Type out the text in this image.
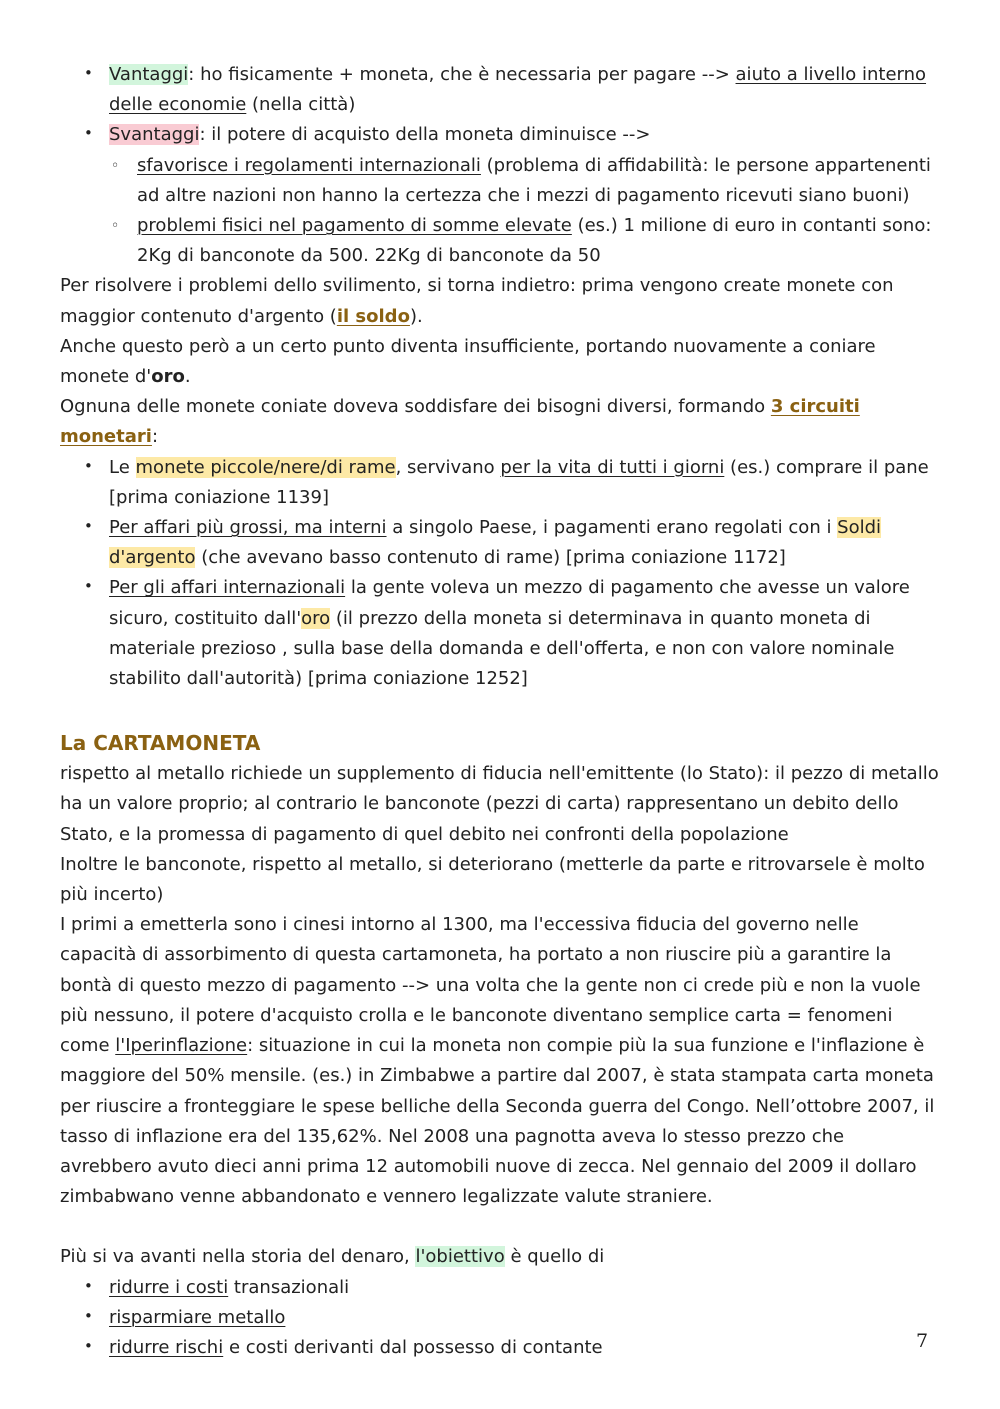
• Vantaggi: ho fisicamente + moneta, che è necessaria per pagare --> aiuto a livello interno delle economie (nella città)
• Svantaggi: il potere di acquisto della moneta diminuisce -->
◦ sfavorisce i regolamenti internazionali (problema di affidabilità: le persone appartenenti ad altre nazioni non hanno la certezza che i mezzi di pagamento ricevuti siano buoni)
◦ problemi fisici nel pagamento di somme elevate (es.) 1 milione di euro in contanti sono: 2Kg di banconote da 500. 22Kg di banconote da 50

Per risolvere i problemi dello svilimento, si torna indietro: prima vengono create monete con maggior contenuto d'argento (il soldo).

Anche questo però a un certo punto diventa insufficiente, portando nuovamente a coniare monete d'oro.

Ognuna delle monete coniate doveva soddisfare dei bisogni diversi, formando 3 circuiti monetari:

• Le monete piccole/nere/di rame, servivano per la vita di tutti i giorni (es.) comprare il pane [prima coniazione 1139]
• Per affari più grossi, ma interni a singolo Paese, i pagamenti erano regolati con i Soldi d'argento (che avevano basso contenuto di rame) [prima coniazione 1172]
• Per gli affari internazionali la gente voleva un mezzo di pagamento che avesse un valore sicuro, costituito dall'oro (il prezzo della moneta si determinava in quanto moneta di materiale prezioso , sulla base della domanda e dell'offerta, e non con valore nominale stabilito dall'autorità) [prima coniazione 1252]
La CARTAMONETA

rispetto al metallo richiede un supplemento di fiducia nell'emittente (lo Stato): il pezzo di metallo ha un valore proprio; al contrario le banconote (pezzi di carta) rappresentano un debito dello Stato, e la promessa di pagamento di quel debito nei confronti della popolazione

Inoltre le banconote, rispetto al metallo, si deteriorano (metterle da parte e ritrovarsele è molto più incerto)

I primi a emetterla sono i cinesi intorno al 1300, ma l'eccessiva fiducia del governo nelle capacità di assorbimento di questa cartamoneta, ha portato a non riuscire più a garantire la bontà di questo mezzo di pagamento --> una volta che la gente non ci crede più e non la vuole più nessuno, il potere d'acquisto crolla e le banconote diventano semplice carta = fenomeni come l'Iperinflazione: situazione in cui la moneta non compie più la sua funzione e l'inflazione è maggiore del 50% mensile. (es.) in Zimbabwe a partire dal 2007, è stata stampata carta moneta per riuscire a fronteggiare le spese belliche della Seconda guerra del Congo. Nell’ottobre 2007, il tasso di inflazione era del 135,62%. Nel 2008 una pagnotta aveva lo stesso prezzo che avrebbero avuto dieci anni prima 12 automobili nuove di zecca. Nel gennaio del 2009 il dollaro zimbabwano venne abbandonato e vennero legalizzate valute straniere.

Più si va avanti nella storia del denaro, l'obiettivo è quello di

• ridurre i costi transazionali
• risparmiare metallo
• ridurre rischi e costi derivanti dal possesso di contante	7
